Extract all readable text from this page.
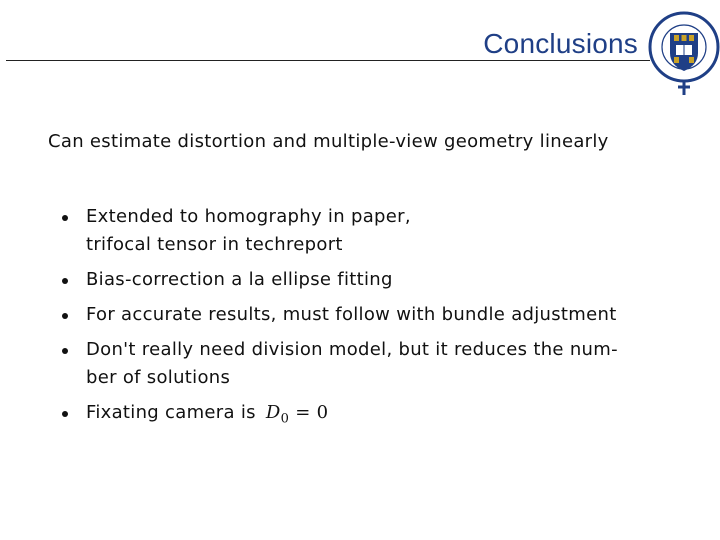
Conclusions
Can estimate distortion and multiple-view geometry linearly
Extended to homography in paper,
trifocal tensor in techreport
Bias-correction a la ellipse fitting
For accurate results, must follow with bundle adjustment
Don't really need division model, but it reduces the num-
ber of solutions
Fixating camera is $D_0 = 0$
